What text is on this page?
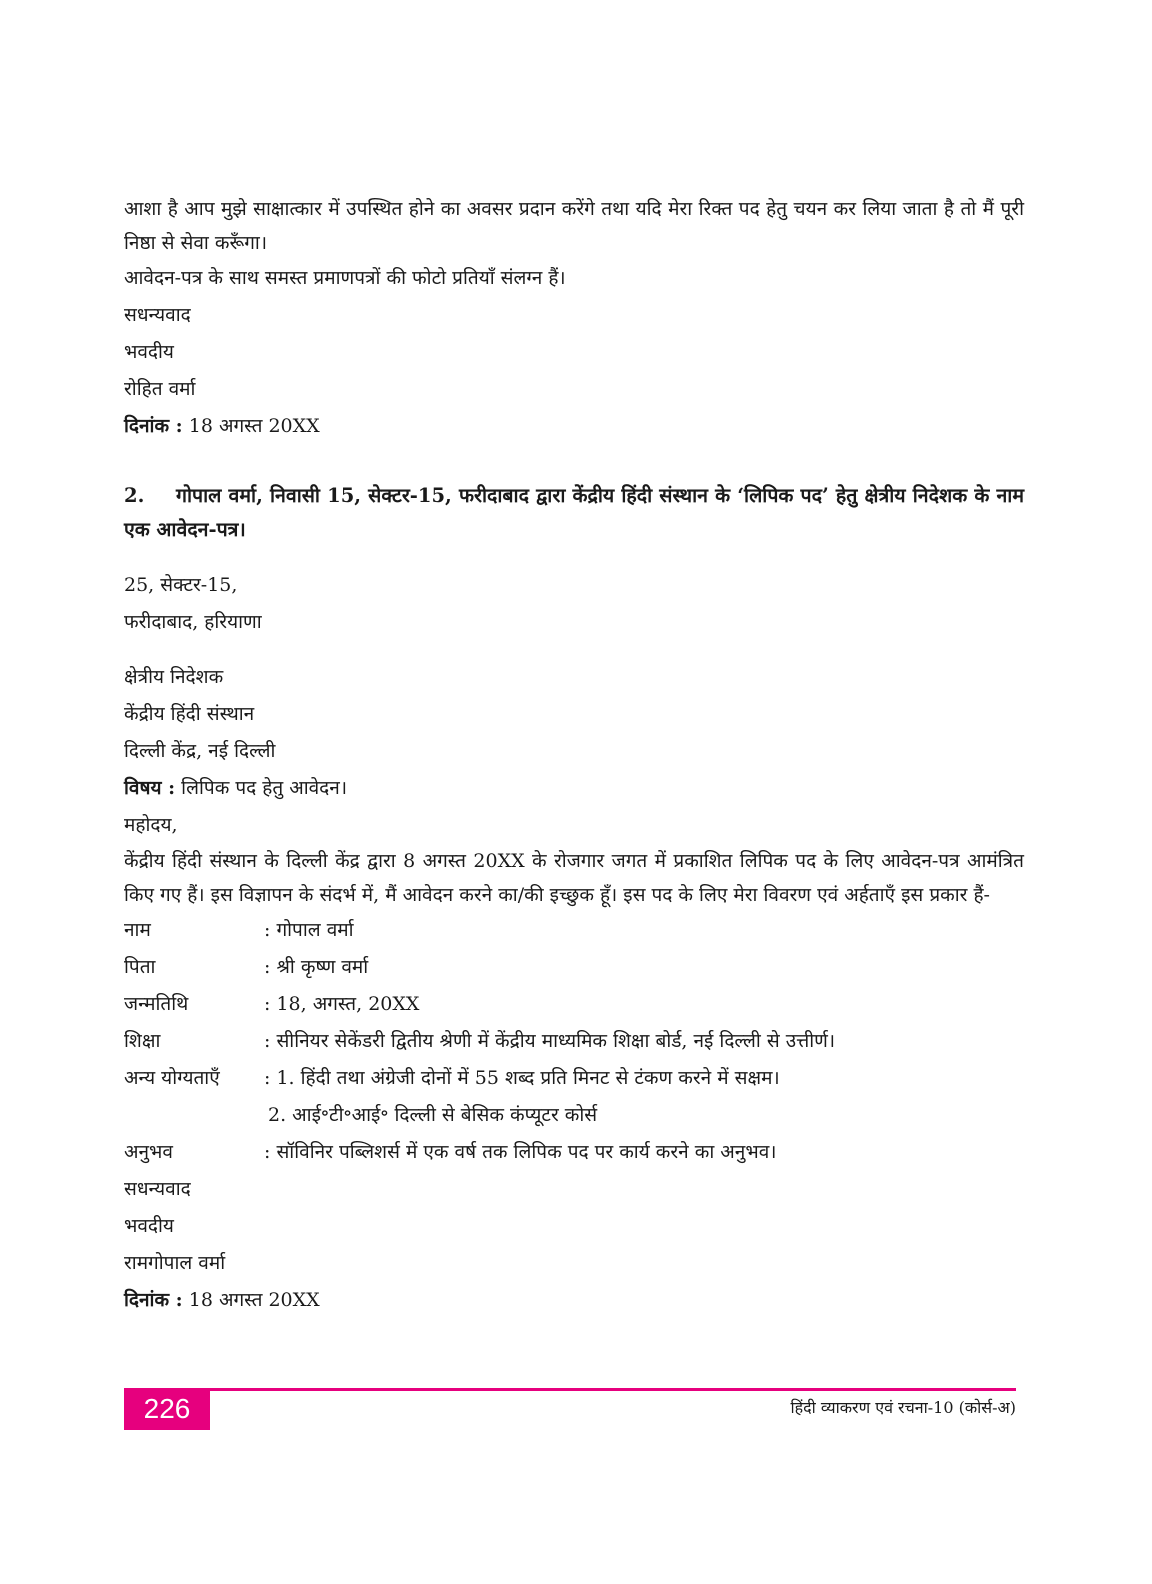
आशा है आप मुझे साक्षात्कार में उपस्थित होने का अवसर प्रदान करेंगे तथा यदि मेरा रिक्त पद हेतु चयन कर लिया जाता है तो मैं पूरी निष्ठा से सेवा करूँगा।

आवेदन-पत्र के साथ समस्त प्रमाणपत्रों की फोटो प्रतियाँ संलग्न हैं।
सधन्यवाद
भवदीय
रोहित वर्मा
दिनांक : 18 अगस्त 20XX
2. गोपाल वर्मा, निवासी 15, सेक्टर-15, फरीदाबाद द्वारा केंद्रीय हिंदी संस्थान के ‘लिपिक पद’ हेतु क्षेत्रीय निदेशक के नाम एक आवेदन-पत्र।
25, सेक्टर-15,
फरीदाबाद, हरियाणा
क्षेत्रीय निदेशक
केंद्रीय हिंदी संस्थान
दिल्ली केंद्र, नई दिल्ली
विषय : लिपिक पद हेतु आवेदन।
महोदय,

केंद्रीय हिंदी संस्थान के दिल्ली केंद्र द्वारा 8 अगस्त 20XX के रोजगार जगत में प्रकाशित लिपिक पद के लिए आवेदन-पत्र आमंत्रित किए गए हैं। इस विज्ञापन के संदर्भ में, मैं आवेदन करने का/की इच्छुक हूँ। इस पद के लिए मेरा विवरण एवं अर्हताएँ इस प्रकार हैं-

नाम	: गोपाल वर्मा
पिता	: श्री कृष्ण वर्मा
जन्मतिथि	: 18, अगस्त, 20XX
शिक्षा	: सीनियर सेकेंडरी द्वितीय श्रेणी में केंद्रीय माध्यमिक शिक्षा बोर्ड, नई दिल्ली से उत्तीर्ण।
अन्य योग्यताएँ	: 1. हिंदी तथा अंग्रेजी दोनों में 55 शब्द प्रति मिनट से टंकण करने में सक्षम।
2. आई॰टी॰आई॰ दिल्ली से बेसिक कंप्यूटर कोर्स
अनुभव	: सॉविनिर पब्लिशर्स में एक वर्ष तक लिपिक पद पर कार्य करने का अनुभव।
सधन्यवाद
भवदीय
रामगोपाल वर्मा
दिनांक : 18 अगस्त 20XX
226	हिंदी व्याकरण एवं रचना-10 (कोर्स-अ)
